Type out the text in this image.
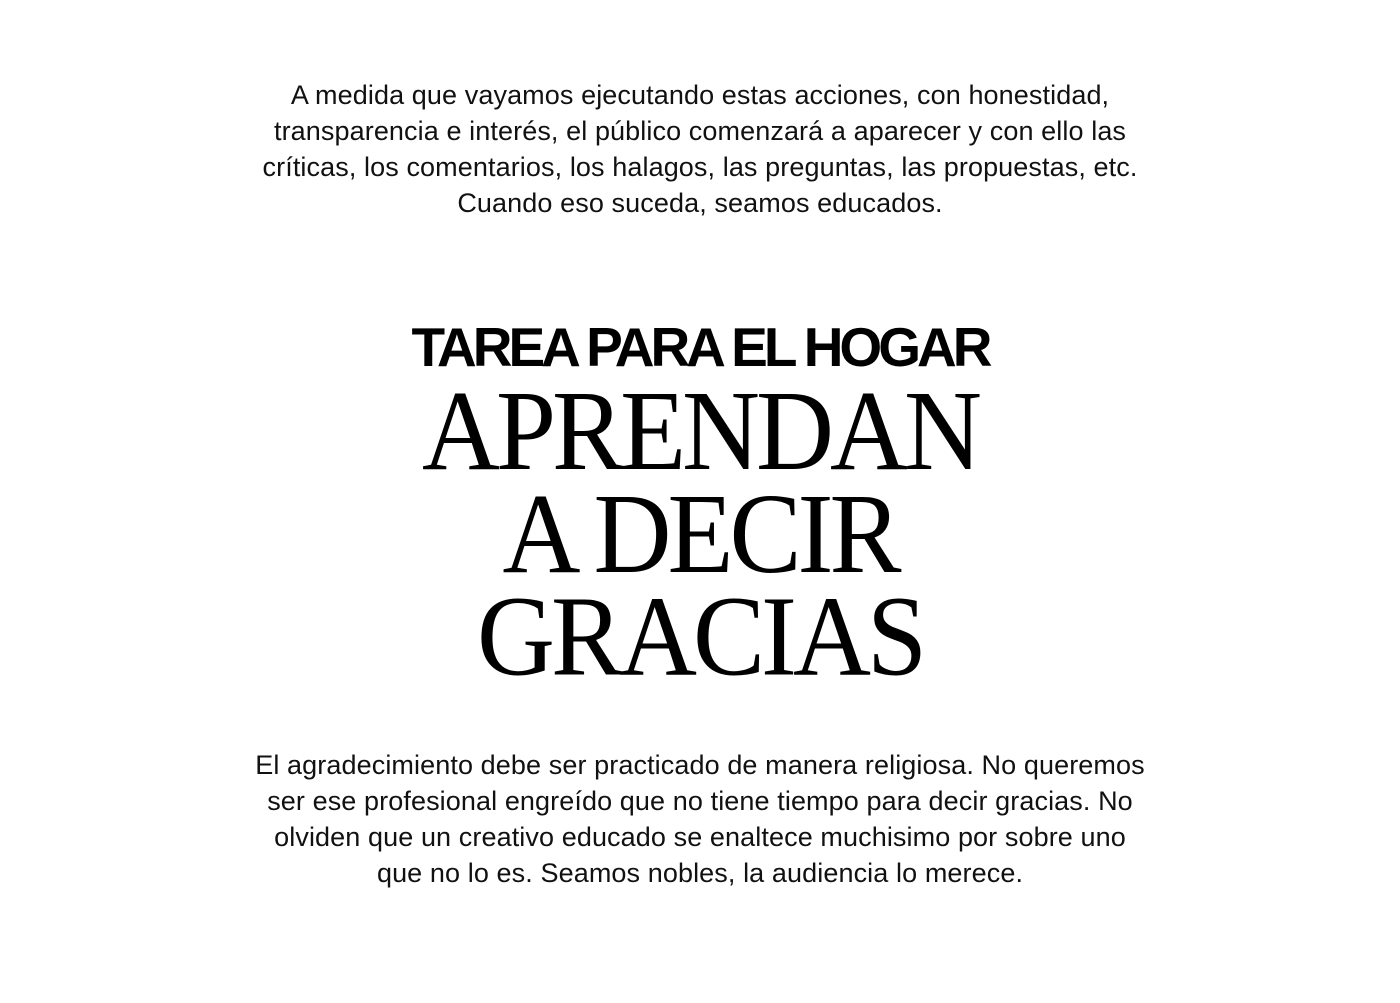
A medida que vayamos ejecutando estas acciones, con honestidad,
transparencia e interés, el público comenzará a aparecer y con ello las
críticas, los comentarios, los halagos, las preguntas, las propuestas, etc.
Cuando eso suceda, seamos educados.
TAREA PARA EL HOGAR
APRENDAN
A DECIR
GRACIAS
El agradecimiento debe ser practicado de manera religiosa. No queremos
ser ese profesional engreído que no tiene tiempo para decir gracias. No
olviden que un creativo educado se enaltece muchisimo por sobre uno
que no lo es. Seamos nobles, la audiencia lo merece.
